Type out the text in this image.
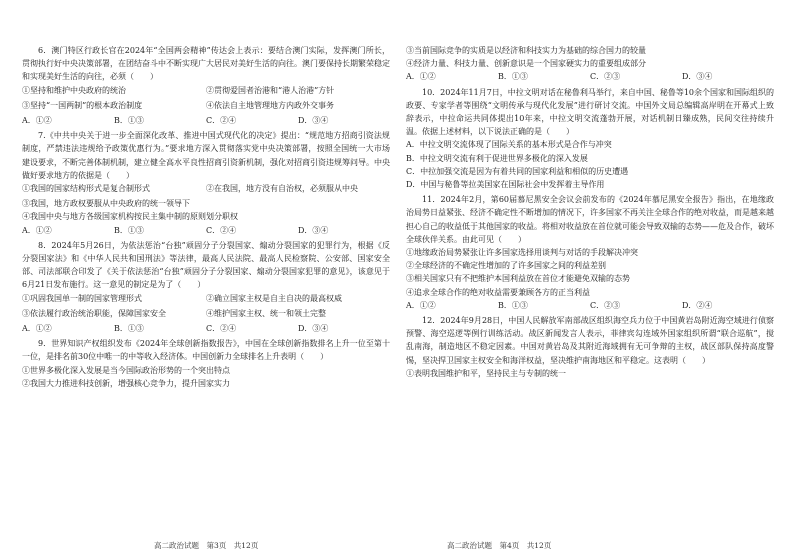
6．澳门特区行政长官在2024年“全国两会精神”传达会上表示：要结合澳门实际，发挥澳门所长，贯彻执行好中央决策部署，在团结奋斗中不断实现广大居民对美好生活的向往。澳门要保持长期繁荣稳定和实现美好生活的向往，必须（　　）

①坚持和维护中央政府的统治	②贯彻爱国者治港和“港人治港”方针
③坚持“一国两制”的根本政治制度	④依法自主地管理地方内政外交事务
A．①②	B．①③	C．②④	D．③④

7.《中共中央关于进一步全面深化改革、推进中国式现代化的决定》提出：“规范地方招商引资法规制度，严禁违法违规给予政策优惠行为。”要求地方深入贯彻落实党中央决策部署，按照全国统一大市场建设要求，不断完善体制机制，建立健全高水平良性招商引资新机制，强化对招商引资违规筹问导。中央做好要求地方的依据是（　　）

①我国的国家结构形式是复合制形式	②在我国，地方没有自治权，必须服从中央

③我国，地方政权要服从中央政府的统一领导下

④我国中央与地方各级国家机构按民主集中制的原则划分职权

A．①②	B．①③	C．②④	D．③④

8．2024年5月26日，为依法惩治“台独”顽固分子分裂国家、煽动分裂国家的犯罪行为，根据《反分裂国家法》和《中华人民共和国刑法》等法律，最高人民法院、最高人民检察院、公安部、国家安全部、司法部联合印发了《关于依法惩治“台独”顽固分子分裂国家、煽动分裂国家犯罪的意见》，该意见于6月21日发布施行。这一意见的制定是为了（　　）

①巩固我国单一制的国家管理形式	②确立国家主权是自主自决的最高权威
③依法履行政治统治职能，保障国家安全	④维护国家主权、统一和领土完整
A．①②	B．①③	C．②④	D．③④

9．世界知识产权组织发布《2024年全球创新指数报告》，中国在全球创新指数排名上升一位至第十一位，是排名前30位中唯一的中等收入经济体。中国创新力全球排名上升表明（　　）

①世界多极化深入发展是当今国际政治形势的一个突出特点

②我国大力推进科技创新，增强核心竞争力，提升国家实力

③当前国际竞争的实质是以经济和科技实力为基础的综合国力的较量

④经济力量、科技力量、创新意识是一个国家硬实力的重要组成部分

A．①②	B．①③	C．②③	D．③④

10．2024年11月7日，中拉文明对话在秘鲁利马举行，来自中国、秘鲁等10余个国家和国际组织的政要、专家学者等围绕“文明传承与现代化发展”进行研讨交流。中国外文局总编辑高岸明在开幕式上致辞表示，中拉命运共同体提出10年来，中拉文明交流蓬勃开展，对话机制日臻成熟，民间交往持续升温。依据上述材料，以下说法正确的是（　　）

A．中拉文明交流体现了国际关系的基本形式是合作与冲突

B．中拉文明交流有利于促进世界多极化的深入发展

C．中拉加强交流是因为有着共同的国家利益和相似的历史遭遇

D．中国与秘鲁等拉美国家在国际社会中发挥着主导作用

11．2024年2月，第60届慕尼黑安全会议会前发布的《2024年慕尼黑安全报告》指出，在地缘政治局势日益紧张、经济不确定性不断增加的情况下，许多国家不再关注全球合作的绝对收益，而是越来越担心自己的收益低于其他国家的收益。将相对收益放在首位就可能会导致双输的态势——危及合作，破坏全球伙伴关系。由此可见（　　）

①地缘政治局势紧张让许多国家选择用谈判与对话的手段解决冲突

②全球经济的不确定性增加的了许多国家之间的利益差别

③相关国家只有不把维护本国利益放在首位才能避免双输的态势

④追求全球合作的绝对收益需要兼顾各方的正当利益

A．①②	B．①③	C．②③	D．②④

12．2024年9月28日，中国人民解放军南部战区组织海空兵力位于中国黄岩岛附近海空域进行侦察预警、海空巡逻等例行训练活动。战区新闻发言人表示，菲律宾勾连域外国家组织所谓“联合巡航”，搅乱南海，制造地区不稳定因素。中国对黄岩岛及其附近海域拥有无可争辩的主权，战区部队保持高度警惕，坚决捍卫国家主权安全和海洋权益，坚决维护南海地区和平稳定。这表明（　　）

①表明我国维护和平，坚持民主与专制的统一

高二政治试题　第3页　共12页	高二政治试题　第4页　共12页
